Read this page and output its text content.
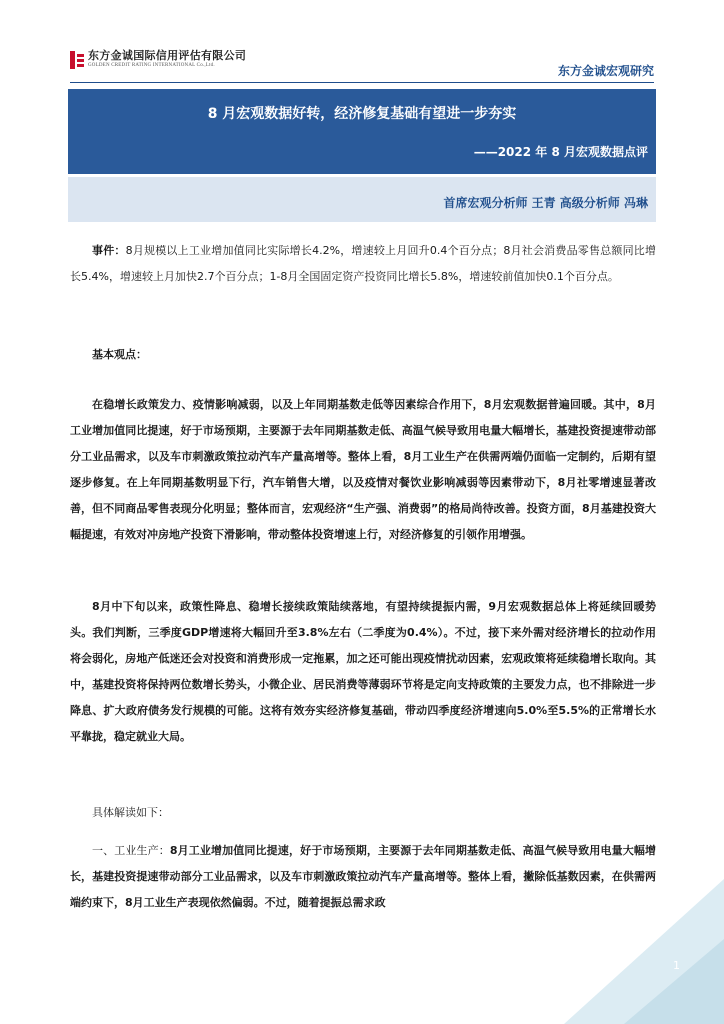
东方金诚国际信用评估有限公司
GOLDEN CREDIT RATING INTERNATIONAL Co.,Ltd.	东方金诚宏观研究
8 月宏观数据好转，经济修复基础有望进一步夯实
——2022 年 8 月宏观数据点评
首席宏观分析师 王青 高级分析师 冯琳

事件：8月规模以上工业增加值同比实际增长4.2%，增速较上月回升0.4个百分点；8月社会消费品零售总额同比增长5.4%，增速较上月加快2.7个百分点；1-8月全国固定资产投资同比增长5.8%，增速较前值加快0.1个百分点。

基本观点：

在稳增长政策发力、疫情影响减弱，以及上年同期基数走低等因素综合作用下，8月宏观数据普遍回暖。其中，8月工业增加值同比提速，好于市场预期，主要源于去年同期基数走低、高温气候导致用电量大幅增长，基建投资提速带动部分工业品需求，以及车市刺激政策拉动汽车产量高增等。整体上看，8月工业生产在供需两端仍面临一定制约，后期有望逐步修复。在上年同期基数明显下行，汽车销售大增，以及疫情对餐饮业影响减弱等因素带动下，8月社零增速显著改善，但不同商品零售表现分化明显；整体而言，宏观经济“生产强、消费弱”的格局尚待改善。投资方面，8月基建投资大幅提速，有效对冲房地产投资下滑影响，带动整体投资增速上行，对经济修复的引领作用增强。

8月中下旬以来，政策性降息、稳增长接续政策陆续落地，有望持续提振内需，9月宏观数据总体上将延续回暖势头。我们判断，三季度GDP增速将大幅回升至3.8%左右（二季度为0.4%）。不过，接下来外需对经济增长的拉动作用将会弱化，房地产低迷还会对投资和消费形成一定拖累，加之还可能出现疫情扰动因素，宏观政策将延续稳增长取向。其中，基建投资将保持两位数增长势头，小微企业、居民消费等薄弱环节将是定向支持政策的主要发力点，也不排除进一步降息、扩大政府债务发行规模的可能。这将有效夯实经济修复基础，带动四季度经济增速向5.0%至5.5%的正常增长水平靠拢，稳定就业大局。

具体解读如下：

一、工业生产：8月工业增加值同比提速，好于市场预期，主要源于去年同期基数走低、高温气候导致用电量大幅增长，基建投资提速带动部分工业品需求，以及车市刺激政策拉动汽车产量高增等。整体上看，撇除低基数因素，在供需两端约束下，8月工业生产表现依然偏弱。不过，随着提振总需求政

1
